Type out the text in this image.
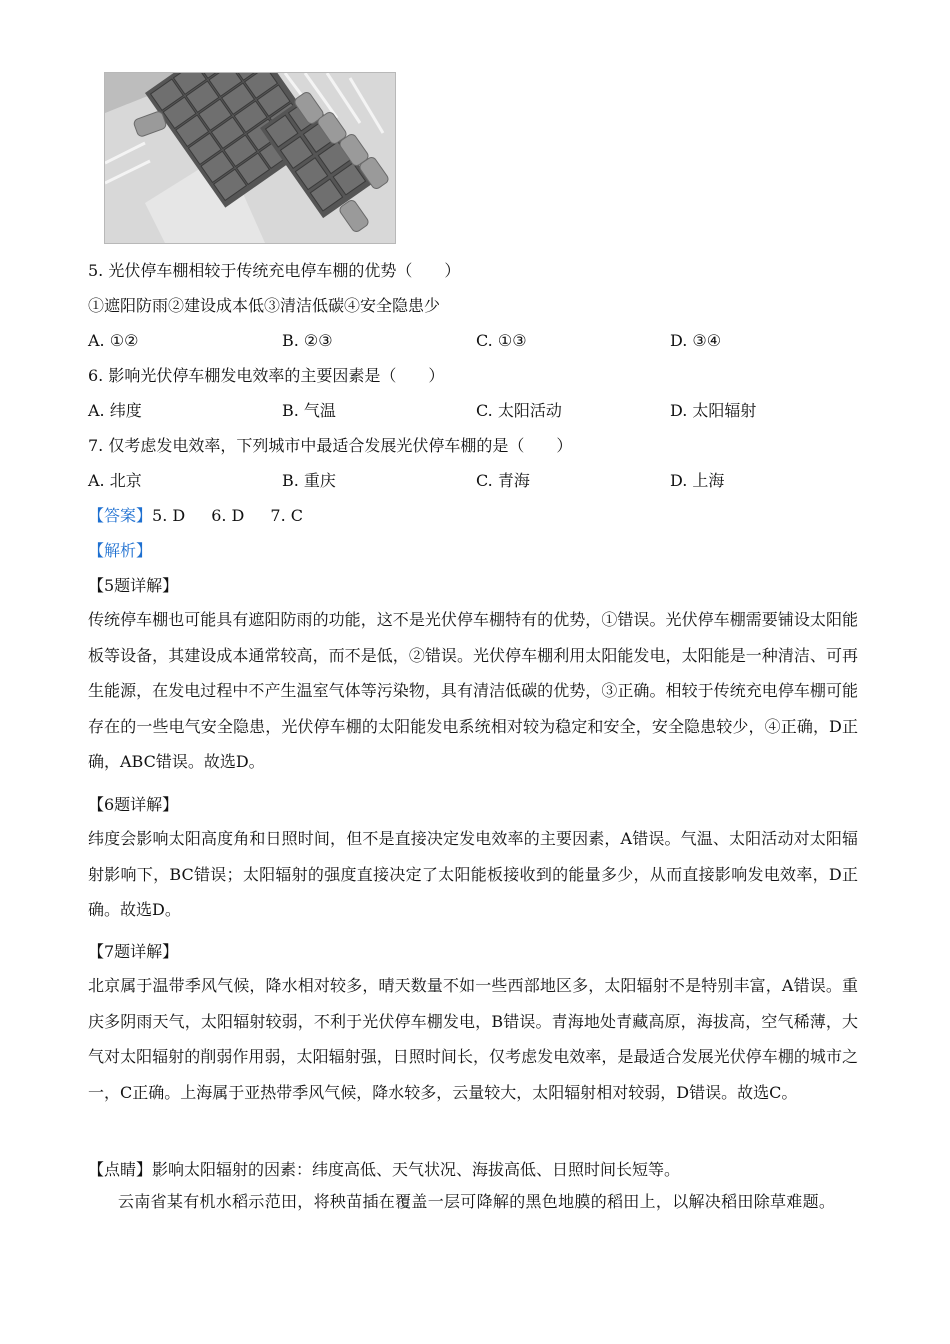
5. 光伏停车棚相较于传统充电停车棚的优势（　　）
①遮阳防雨②建设成本低③清洁低碳④安全隐患少
A. ①②	B. ②③	C. ①③	D. ③④
6. 影响光伏停车棚发电效率的主要因素是（　　）
A. 纬度	B. 气温	C. 太阳活动	D. 太阳辐射
7. 仅考虑发电效率，下列城市中最适合发展光伏停车棚的是（　　）
A. 北京	B. 重庆	C. 青海	D. 上海
【答案】5. D 6. D 7. C
【解析】
【5题详解】
传统停车棚也可能具有遮阳防雨的功能，这不是光伏停车棚特有的优势，①错误。光伏停车棚需要铺设太阳能板等设备，其建设成本通常较高，而不是低，②错误。光伏停车棚利用太阳能发电，太阳能是一种清洁、可再生能源，在发电过程中不产生温室气体等污染物，具有清洁低碳的优势，③正确。相较于传统充电停车棚可能存在的一些电气安全隐患，光伏停车棚的太阳能发电系统相对较为稳定和安全，安全隐患较少，④正确，D正确，ABC错误。故选D。
【6题详解】
纬度会影响太阳高度角和日照时间，但不是直接决定发电效率的主要因素，A错误。气温、太阳活动对太阳辐射影响下，BC错误；太阳辐射的强度直接决定了太阳能板接收到的能量多少，从而直接影响发电效率，D正确。故选D。
【7题详解】
北京属于温带季风气候，降水相对较多，晴天数量不如一些西部地区多，太阳辐射不是特别丰富，A错误。重庆多阴雨天气，太阳辐射较弱，不利于光伏停车棚发电，B错误。青海地处青藏高原，海拔高，空气稀薄，大气对太阳辐射的削弱作用弱，太阳辐射强，日照时间长，仅考虑发电效率，是最适合发展光伏停车棚的城市之一，C正确。上海属于亚热带季风气候，降水较多，云量较大，太阳辐射相对较弱，D错误。故选C。
【点睛】影响太阳辐射的因素：纬度高低、天气状况、海拔高低、日照时间长短等。
云南省某有机水稻示范田，将秧苗插在覆盖一层可降解的黑色地膜的稻田上，以解决稻田除草难题。
